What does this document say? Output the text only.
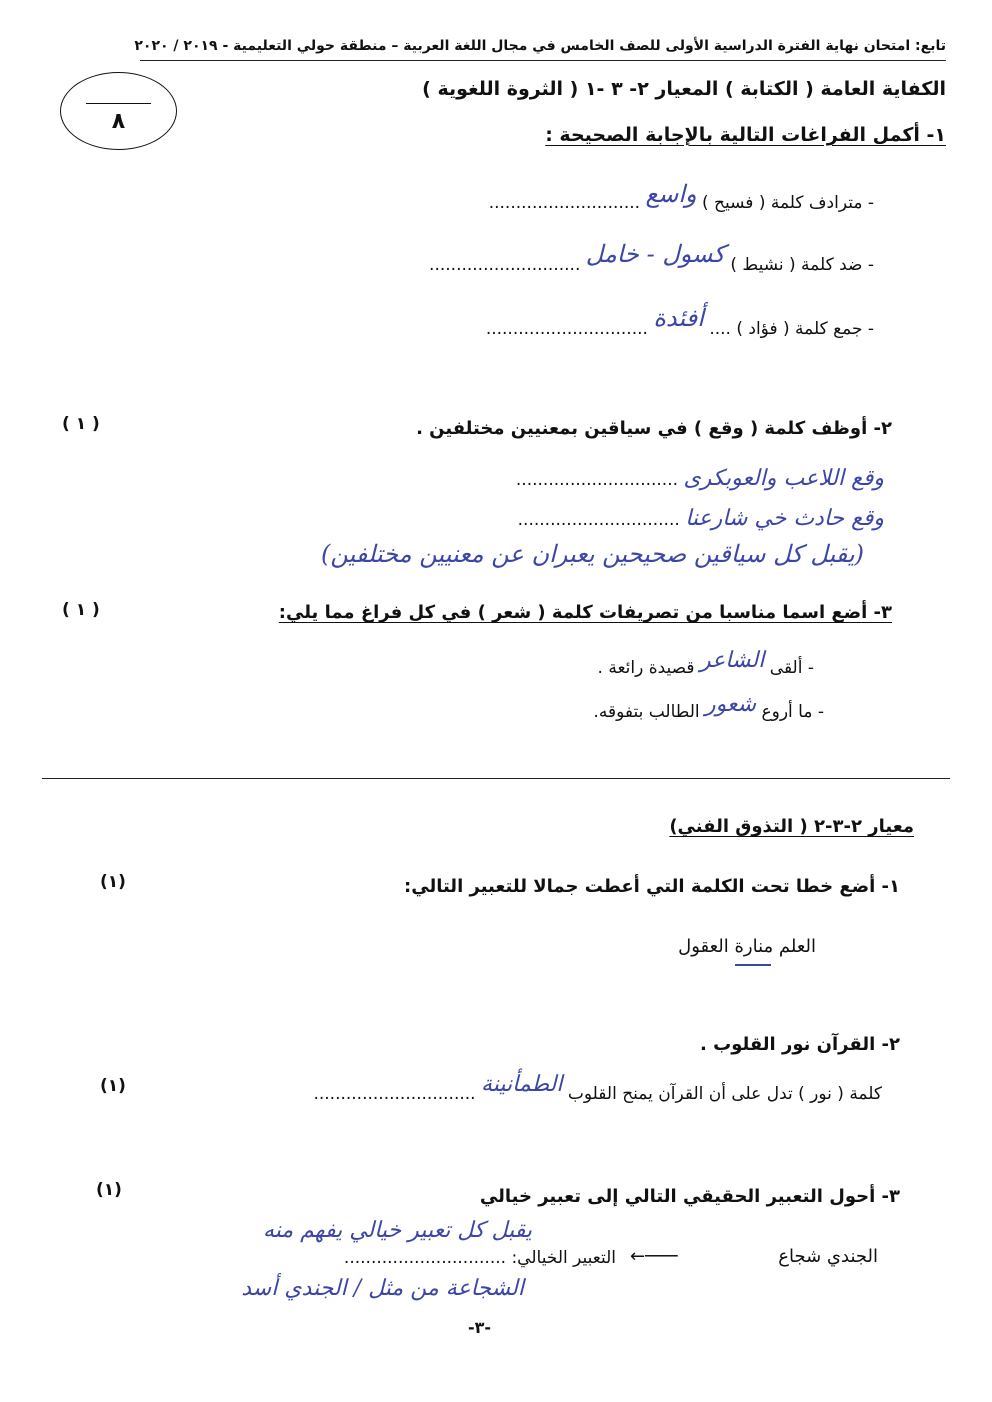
تابع: امتحان نهاية الفترة الدراسية الأولى للصف الخامس في مجال اللغة العربية – منطقة حولي التعليمية - ٢٠١٩ / ٢٠٢٠
٨
الكفاية العامة ( الكتابة ) المعيار ٢- ٣ -١ ( الثروة اللغوية )
١- أكمل الفراغات التالية بالإجابة الصحيحة :
- مترادف كلمة ( فسيح ) واسع ............................
- ضد كلمة ( نشيط ) كسول - خامل ............................
- جمع كلمة ( فؤاد ) .... أفئدة ..............................
( ١ )	٢- أوظف كلمة ( وقع ) في سياقين بمعنيين مختلفين .
وقع اللاعب والعوبكرى ..............................
وقع حادث خي شارعنا ..............................
(يقبل كل سياقين صحيحين يعبران عن معنيين مختلفين)
( ١ )	٣- أضع اسما مناسبا من تصريفات كلمة ( شعر ) في كل فراغ مما يلي:
- ألقى الشاعر قصيدة رائعة .
- ما أروع شعور الطالب بتفوقه.
معيار ٢-٣-٢ ( التذوق الفني)
(١)	١- أضع خطا تحت الكلمة التي أعطت جمالا للتعبير التالي:
العلم منارة العقول
٢- القرآن نور القلوب .
(١)	كلمة ( نور ) تدل على أن القرآن يمنح القلوب الطمأنينة ..............................
(١)	٣- أحول التعبير الحقيقي التالي إلى تعبير خيالي
يقبل كل تعبير خيالي يفهم منه
الجندي شجاع
←───
التعبير الخيالي: ..............................
الشجاعة من مثل / الجندي أسد
-٣-
